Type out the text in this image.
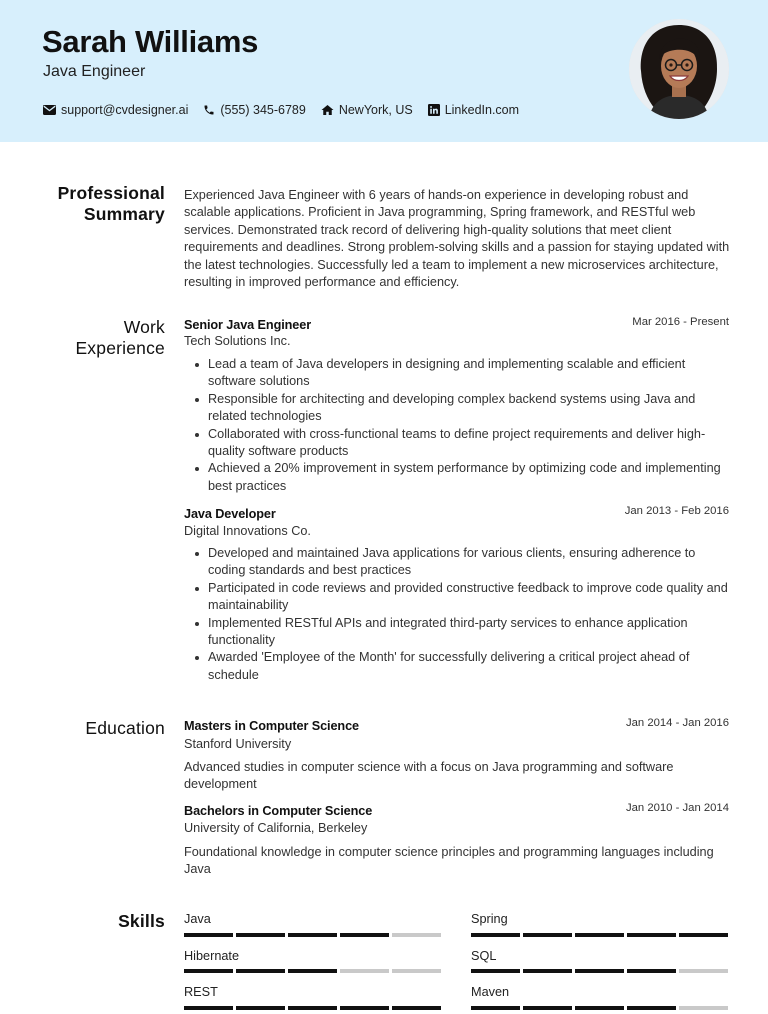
Sarah Williams
Java Engineer
support@cvdesigner.ai	(555) 345-6789	NewYork, US	LinkedIn.com
Professional
Summary
Experienced Java Engineer with 6 years of hands-on experience in developing robust and scalable applications. Proficient in Java programming, Spring framework, and RESTful web services. Demonstrated track record of delivering high-quality solutions that meet client requirements and deadlines. Strong problem-solving skills and a passion for staying updated with the latest technologies. Successfully led a team to implement a new microservices architecture, resulting in improved performance and efficiency.
Work
Experience
Senior Java Engineer	Mar 2016 - Present
Tech Solutions Inc.
Lead a team of Java developers in designing and implementing scalable and efficient software solutions
Responsible for architecting and developing complex backend systems using Java and related technologies
Collaborated with cross-functional teams to define project requirements and deliver high-quality software products
Achieved a 20% improvement in system performance by optimizing code and implementing best practices
Java Developer	Jan 2013 - Feb 2016
Digital Innovations Co.
Developed and maintained Java applications for various clients, ensuring adherence to coding standards and best practices
Participated in code reviews and provided constructive feedback to improve code quality and maintainability
Implemented RESTful APIs and integrated third-party services to enhance application functionality
Awarded 'Employee of the Month' for successfully delivering a critical project ahead of schedule
Education Masters in Computer Science	Jan 2014 - Jan 2016
Stanford University
Advanced studies in computer science with a focus on Java programming and software development
Bachelors in Computer Science	Jan 2010 - Jan 2014
University of California, Berkeley
Foundational knowledge in computer science principles and programming languages including Java
Skills Java	Spring
Hibernate	SQL
REST	Maven
